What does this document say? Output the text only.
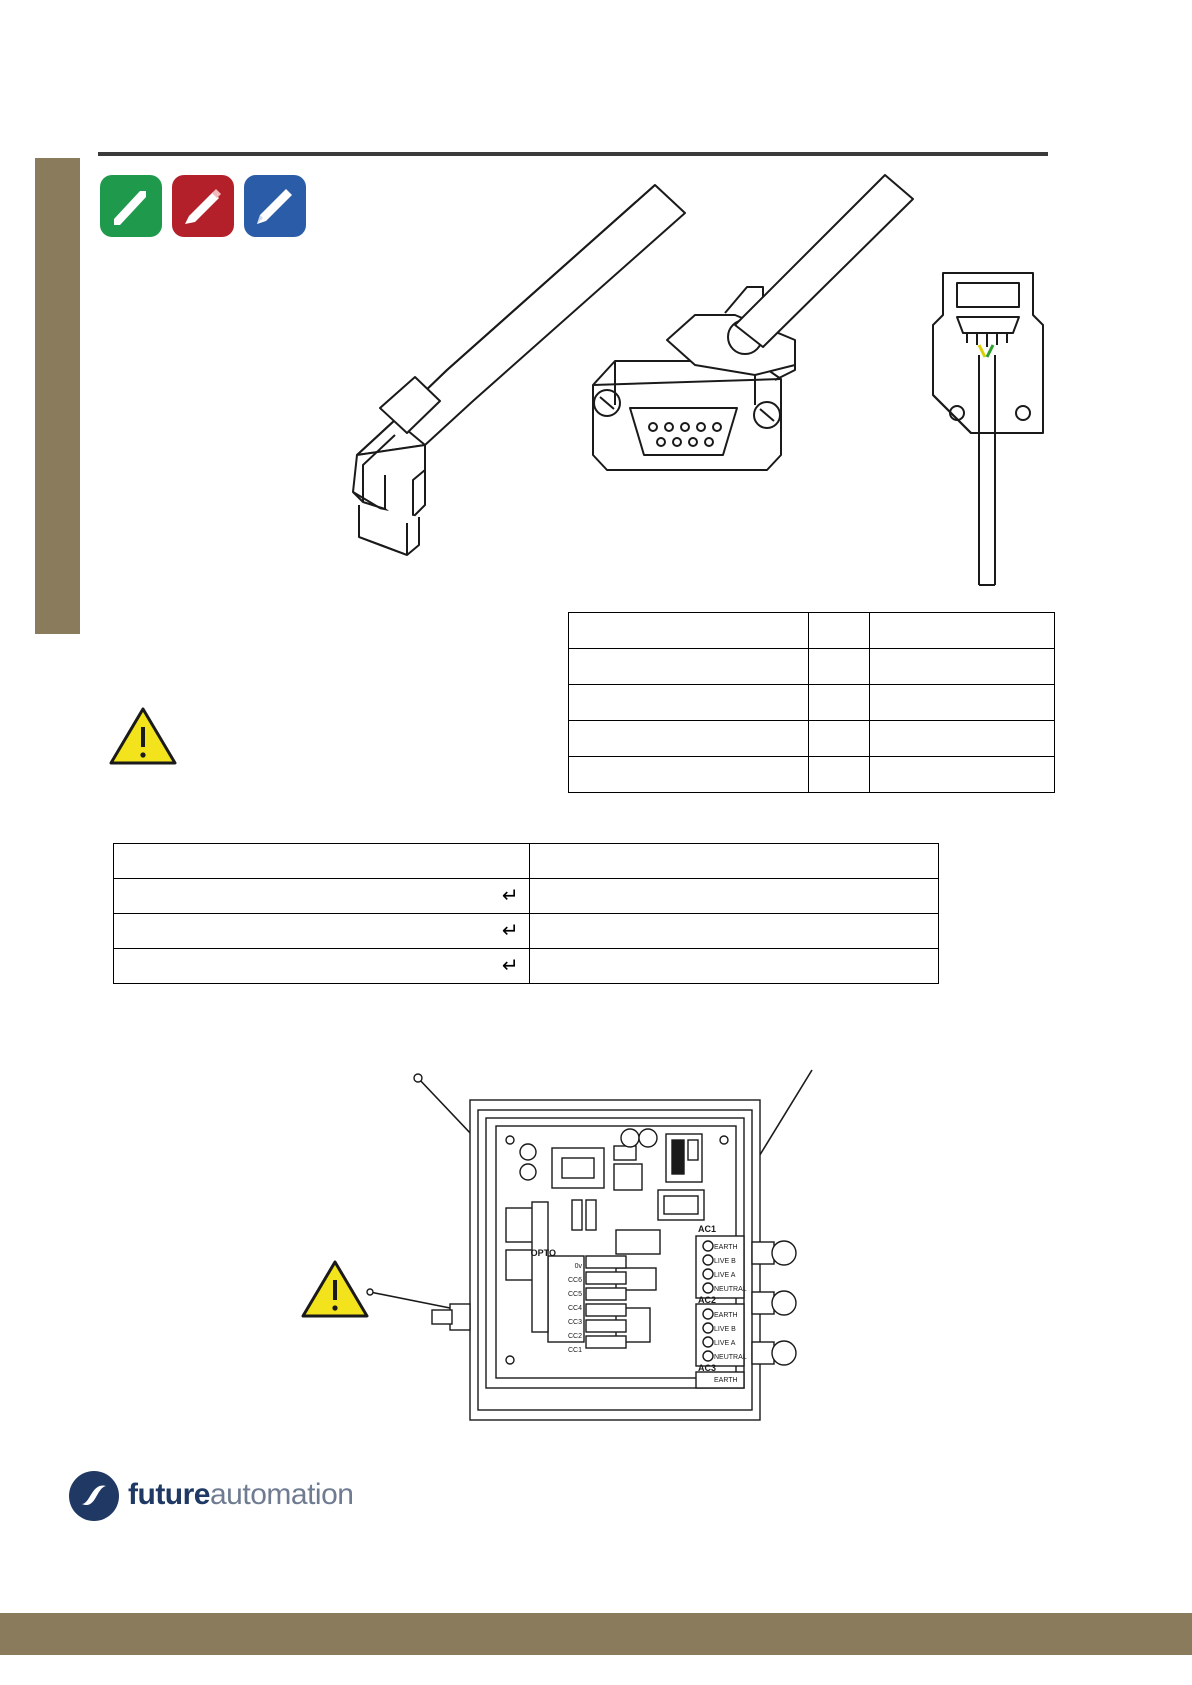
↵	
↵	
↵	
AC1
EARTH
LIVE B
LIVE A
NEUTRAL
AC2
EARTH
LIVE B
LIVE A
NEUTRAL
AC3
EARTH
OPTO
0v
CC6
CC5
CC4
CC3
CC2
CC1
futureautomation
